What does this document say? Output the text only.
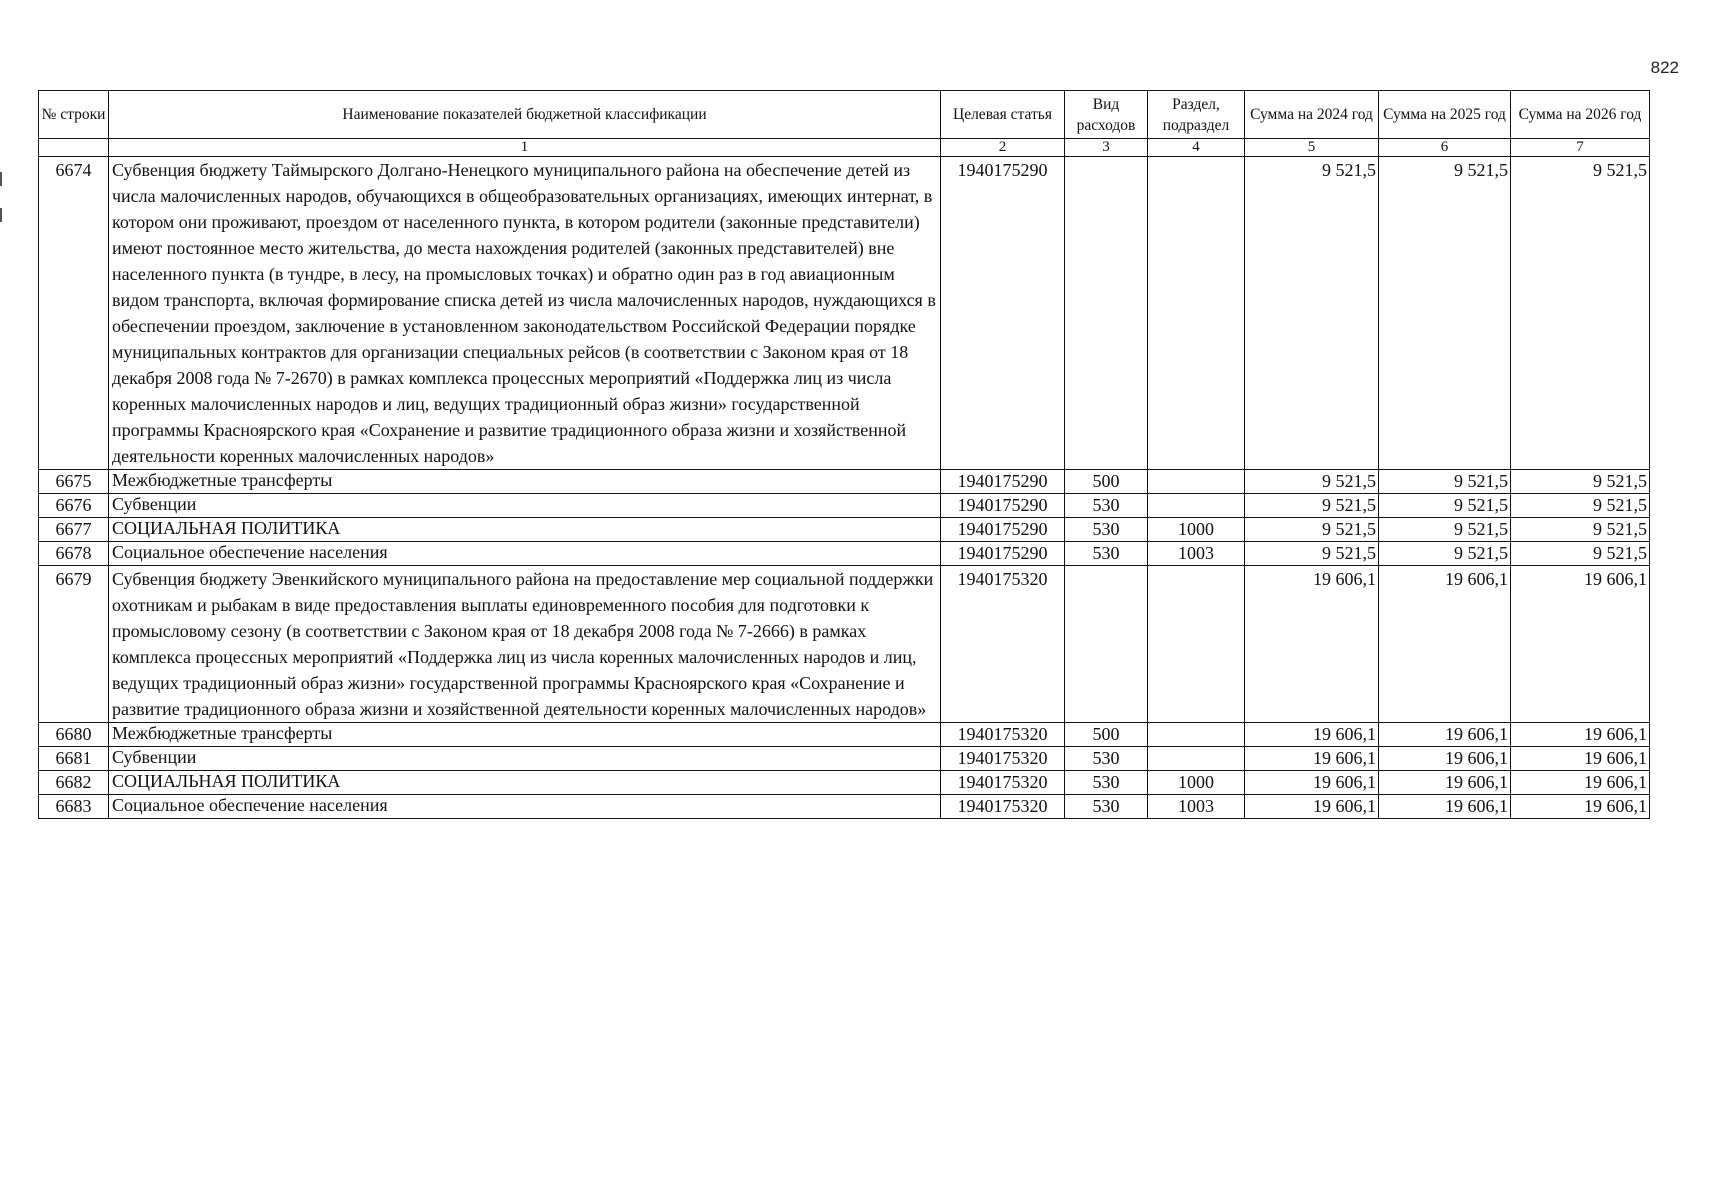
822
№ строки	Наименование показателей бюджетной классификации	Целевая статья	Вид расходов	Раздел, подраздел	Сумма на 2024 год	Сумма на 2025 год	Сумма на 2026 год
	1	2	3	4	5	6	7
6674	Субвенция бюджету Таймырского Долгано-Ненецкого муниципального района на обеспечение детей из числа малочисленных народов, обучающихся в общеобразовательных организациях, имеющих интернат, в котором они проживают, проездом от населенного пункта, в котором родители (законные представители) имеют постоянное место жительства, до места нахождения родителей (законных представителей) вне населенного пункта (в тундре, в лесу, на промысловых точках) и обратно один раз в год авиационным видом транспорта, включая формирование списка детей из числа малочисленных народов, нуждающихся в обеспечении проездом, заключение в установленном законодательством Российской Федерации порядке муниципальных контрактов для организации специальных рейсов (в соответствии с Законом края от 18 декабря 2008 года № 7-2670) в рамках комплекса процессных мероприятий «Поддержка лиц из числа коренных малочисленных народов и лиц, ведущих традиционный образ жизни» государственной программы Красноярского края «Сохранение и развитие традиционного образа жизни и хозяйственной деятельности коренных малочисленных народов»	1940175290			9 521,5	9 521,5	9 521,5
6675	Межбюджетные трансферты	1940175290	500		9 521,5	9 521,5	9 521,5
6676	Субвенции	1940175290	530		9 521,5	9 521,5	9 521,5
6677	СОЦИАЛЬНАЯ ПОЛИТИКА	1940175290	530	1000	9 521,5	9 521,5	9 521,5
6678	Социальное обеспечение населения	1940175290	530	1003	9 521,5	9 521,5	9 521,5
6679	Субвенция бюджету Эвенкийского муниципального района на предоставление мер социальной поддержки охотникам и рыбакам в виде предоставления выплаты единовременного пособия для подготовки к промысловому сезону (в соответствии с Законом края от 18 декабря 2008 года № 7-2666) в рамках комплекса процессных мероприятий «Поддержка лиц из числа коренных малочисленных народов и лиц, ведущих традиционный образ жизни» государственной программы Красноярского края «Сохранение и развитие традиционного образа жизни и хозяйственной деятельности коренных малочисленных народов»	1940175320			19 606,1	19 606,1	19 606,1
6680	Межбюджетные трансферты	1940175320	500		19 606,1	19 606,1	19 606,1
6681	Субвенции	1940175320	530		19 606,1	19 606,1	19 606,1
6682	СОЦИАЛЬНАЯ ПОЛИТИКА	1940175320	530	1000	19 606,1	19 606,1	19 606,1
6683	Социальное обеспечение населения	1940175320	530	1003	19 606,1	19 606,1	19 606,1
